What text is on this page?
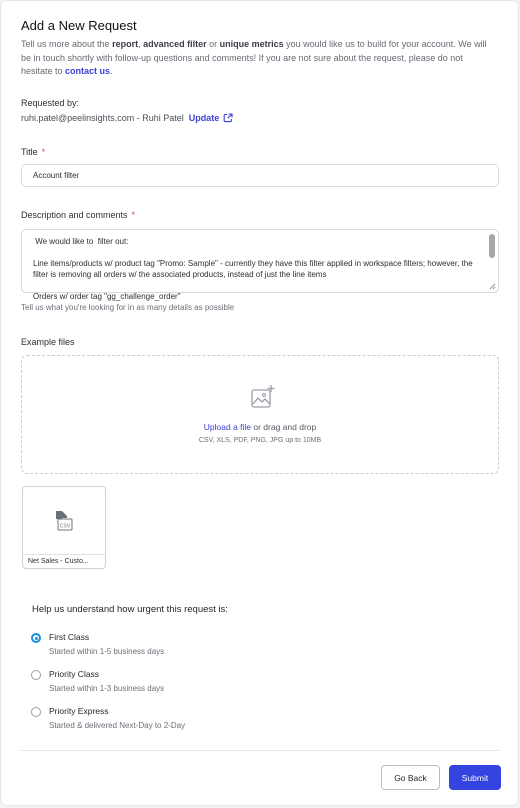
Add a New Request
Tell us more about the report, advanced filter or unique metrics you would like us to build for your account. We will be in touch shortly with follow-up questions and comments! If you are not sure about the request, please do not hesitate to contact us.
Requested by:
ruhi.patel@peelinsights.com - Ruhi Patel Update
Title *
Account filter
Description and comments *

We would like to  filter out:

Line items/products w/ product tag "Promo: Sample" - currently they have this filter applied in workspace filters; however, the filter is removing all orders w/ the associated products, instead of just the line items

Orders w/ order tag "gg_challenge_order"

Tell us what you're looking for in as many details as possible
Example files
Upload a file or drag and drop
CSV, XLS, PDF, PNG, JPG up to 10MB
CSV
Net Sales - Custo...
Help us understand how urgent this request is:
First Class
Started within 1-5 business days
Priority Class
Started within 1-3 business days
Priority Express
Started & delivered Next-Day to 2-Day
Go Back	Submit
